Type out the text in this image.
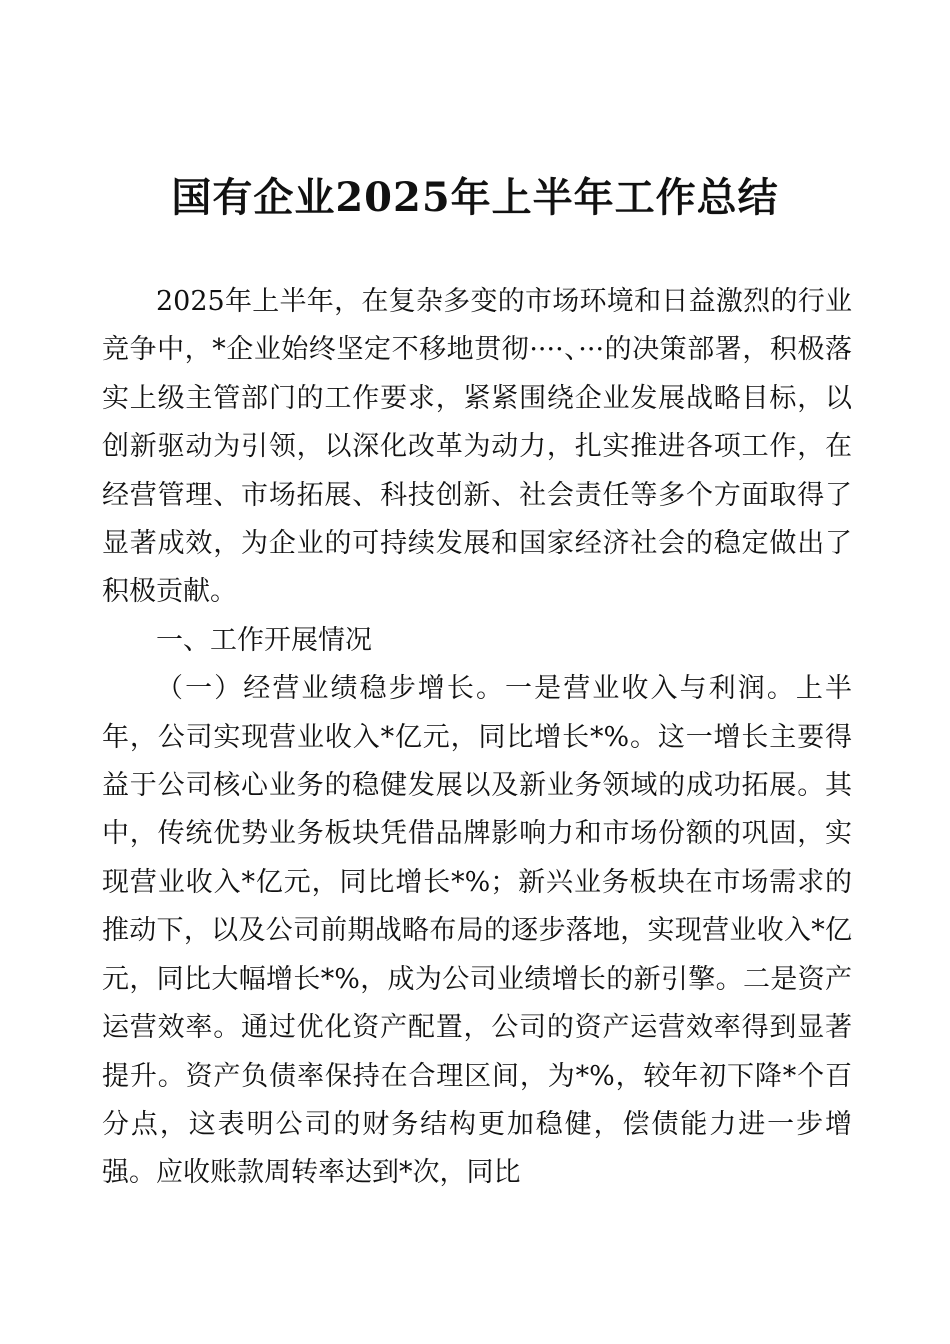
国有企业2025年上半年工作总结

2025年上半年，在复杂多变的市场环境和日益激烈的行业竞争中，*企业始终坚定不移地贯彻····、···的决策部署，积极落实上级主管部门的工作要求，紧紧围绕企业发展战略目标，以创新驱动为引领，以深化改革为动力，扎实推进各项工作，在经营管理、市场拓展、科技创新、社会责任等多个方面取得了显著成效，为企业的可持续发展和国家经济社会的稳定做出了积极贡献。

一、工作开展情况

（一）经营业绩稳步增长。一是营业收入与利润。上半年，公司实现营业收入*亿元，同比增长*%。这一增长主要得益于公司核心业务的稳健发展以及新业务领域的成功拓展。其中，传统优势业务板块凭借品牌影响力和市场份额的巩固，实现营业收入*亿元，同比增长*%；新兴业务板块在市场需求的推动下，以及公司前期战略布局的逐步落地，实现营业收入*亿元，同比大幅增长*%，成为公司业绩增长的新引擎。二是资产运营效率。通过优化资产配置，公司的资产运营效率得到显著提升。资产负债率保持在合理区间，为*%，较年初下降*个百分点，这表明公司的财务结构更加稳健，偿债能力进一步增强。应收账款周转率达到*次，同比
